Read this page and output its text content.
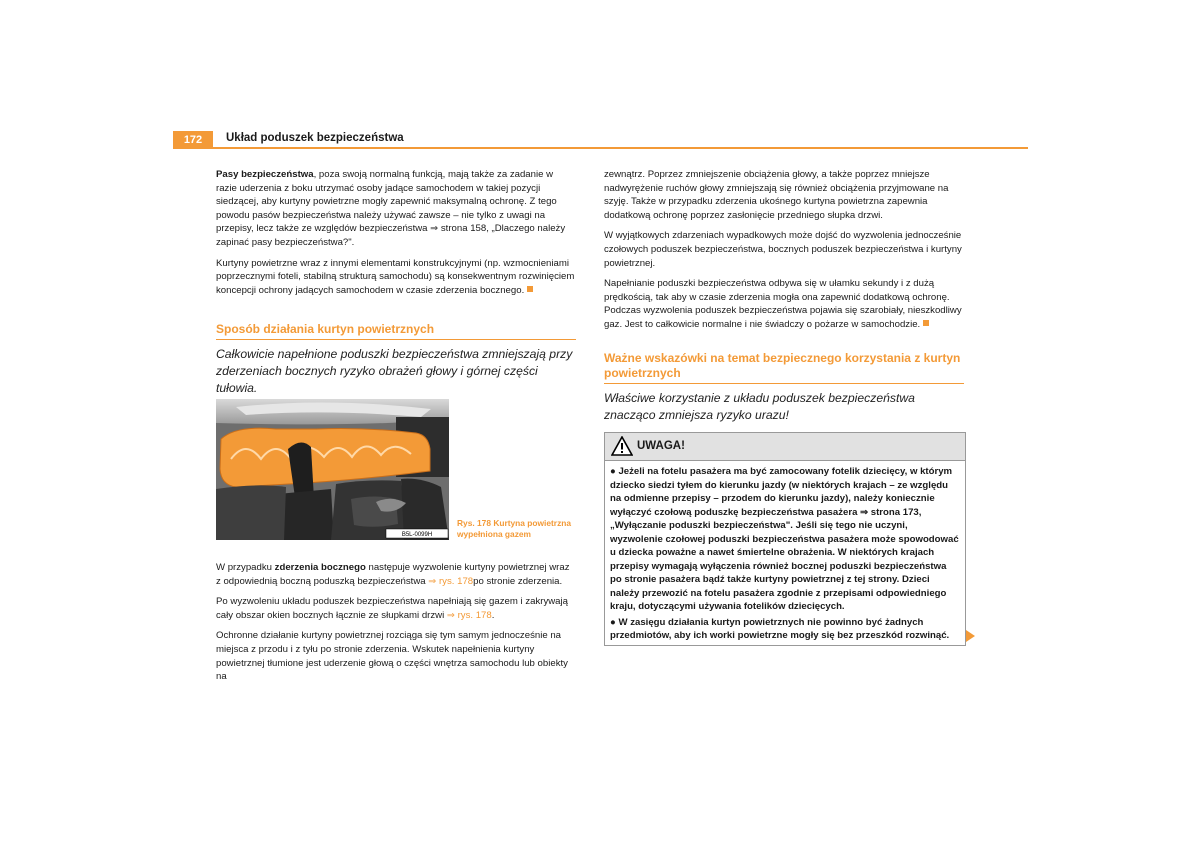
172	Układ poduszek bezpieczeństwa

Pasy bezpieczeństwa, poza swoją normalną funkcją, mają także za zadanie w razie uderzenia z boku utrzymać osoby jadące samochodem w takiej pozycji siedzącej, aby kurtyny powietrzne mogły zapewnić maksymalną ochronę. Z tego powodu pasów bezpieczeństwa należy używać zawsze – nie tylko z uwagi na przepisy, lecz także ze względów bezpieczeństwa ⇒ strona 158, „Dlaczego należy zapinać pasy bezpieczeństwa?".

Kurtyny powietrzne wraz z innymi elementami konstrukcyjnymi (np. wzmocnieniami poprzecznymi foteli, stabilną strukturą samochodu) są konsekwentnym rozwinięciem koncepcji ochrony jadących samochodem w czasie zderzenia bocznego.

Sposób działania kurtyn powietrznych
Całkowicie napełnione poduszki bezpieczeństwa zmniejszają przy zderzeniach bocznych ryzyko obrażeń głowy i górnej części tułowia.
B5L-0099H
Rys. 178 Kurtyna powietrzna wypełniona gazem

W przypadku zderzenia bocznego następuje wyzwolenie kurtyny powietrznej wraz z odpowiednią boczną poduszką bezpieczeństwa ⇒ rys. 178po stronie zderzenia.

Po wyzwoleniu układu poduszek bezpieczeństwa napełniają się gazem i zakrywają cały obszar okien bocznych łącznie ze słupkami drzwi ⇒ rys. 178.

Ochronne działanie kurtyny powietrznej rozciąga się tym samym jednocześnie na miejsca z przodu i z tyłu po stronie zderzenia. Wskutek napełnienia kurtyny powietrznej tłumione jest uderzenie głową o części wnętrza samochodu lub obiekty na

zewnątrz. Poprzez zmniejszenie obciążenia głowy, a także poprzez mniejsze nadwyrężenie ruchów głowy zmniejszają się również obciążenia przyjmowane na szyję. Także w przypadku zderzenia ukośnego kurtyna powietrzna zapewnia dodatkową ochronę poprzez zasłonięcie przedniego słupka drzwi.

W wyjątkowych zdarzeniach wypadkowych może dojść do wyzwolenia jednocześnie czołowych poduszek bezpieczeństwa, bocznych poduszek bezpieczeństwa i kurtyny powietrznej.

Napełnianie poduszki bezpieczeństwa odbywa się w ułamku sekundy i z dużą prędkością, tak aby w czasie zderzenia mogła ona zapewnić dodatkową ochronę. Podczas wyzwolenia poduszek bezpieczeństwa pojawia się szarobiały, nieszkodliwy gaz. Jest to całkowicie normalne i nie świadczy o pożarze w samochodzie.

Ważne wskazówki na temat bezpiecznego korzystania z kurtyn powietrznych
Właściwe korzystanie z układu poduszek bezpieczeństwa znacząco zmniejsza ryzyko urazu!
UWAGA!

● Jeżeli na fotelu pasażera ma być zamocowany fotelik dziecięcy, w którym dziecko siedzi tyłem do kierunku jazdy (w niektórych krajach – ze względu na odmienne przepisy – przodem do kierunku jazdy), należy koniecznie wyłączyć czołową poduszkę bezpieczeństwa pasażera ⇒ strona 173, „Wyłączanie poduszki bezpieczeństwa". Jeśli się tego nie uczyni, wyzwolenie czołowej poduszki bezpieczeństwa pasażera może spowodować u dziecka poważne a nawet śmiertelne obrażenia. W niektórych krajach przepisy wymagają wyłączenia również bocznej poduszki bezpieczeństwa po stronie pasażera bądź także kurtyny powietrznej z tej strony. Dzieci należy przewozić na fotelu pasażera zgodnie z przepisami odpowiedniego kraju, dotyczącymi używania fotelików dziecięcych.

● W zasięgu działania kurtyn powietrznych nie powinno być żadnych przedmiotów, aby ich worki powietrzne mogły się bez przeszkód rozwinąć.
